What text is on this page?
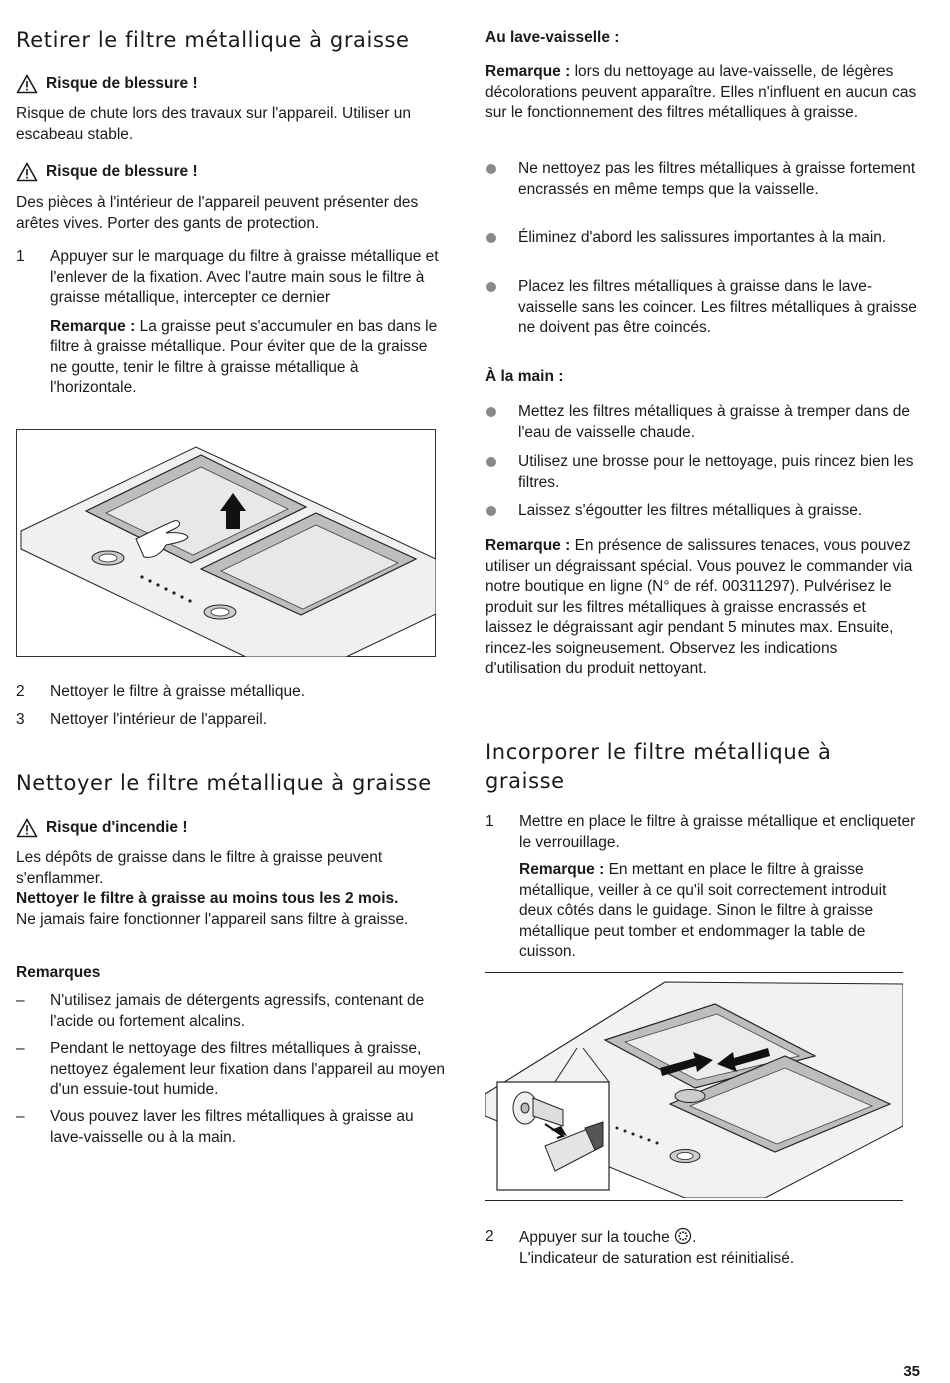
Retirer le filtre métallique à graisse
Risque de blessure !
Risque de chute lors des travaux sur l'appareil. Utiliser un escabeau stable.
Risque de blessure !
Des pièces à l'intérieur de l'appareil peuvent présenter des arêtes vives. Porter des gants de protection.
1	Appuyer sur le marquage du filtre à graisse métallique et l'enlever de la fixation. Avec l'autre main sous le filtre à graisse métallique, intercepter ce dernier
Remarque : La graisse peut s'accumuler en bas dans le filtre à graisse métallique. Pour éviter que de la graisse ne goutte, tenir le filtre à graisse métallique à l'horizontale.
2	Nettoyer le filtre à graisse métallique.
3	Nettoyer l'intérieur de l'appareil.
Nettoyer le filtre métallique à graisse
Risque d'incendie !
Les dépôts de graisse dans le filtre à graisse peuvent s'enflammer.
Nettoyer le filtre à graisse au moins tous les 2 mois.
Ne jamais faire fonctionner l'appareil sans filtre à graisse.
Remarques
–	N'utilisez jamais de détergents agressifs, contenant de l'acide ou fortement alcalins.
–	Pendant le nettoyage des filtres métalliques à graisse, nettoyez également leur fixation dans l'appareil au moyen d'un essuie-tout humide.
–	Vous pouvez laver les filtres métalliques à graisse au lave-vaisselle ou à la main.
Au lave-vaisselle :
Remarque : lors du nettoyage au lave-vaisselle, de légères décolorations peuvent apparaître. Elles n'influent en aucun cas sur le fonctionnement des filtres métalliques à graisse.
Ne nettoyez pas les filtres métalliques à graisse fortement encrassés en même temps que la vaisselle.
Éliminez d'abord les salissures importantes à la main.
Placez les filtres métalliques à graisse dans le lave-vaisselle sans les coincer. Les filtres métalliques à graisse ne doivent pas être coincés.
À la main :
Mettez les filtres métalliques à graisse à tremper dans de l'eau de vaisselle chaude.
Utilisez une brosse pour le nettoyage, puis rincez bien les filtres.
Laissez s'égoutter les filtres métalliques à graisse.
Remarque : En présence de salissures tenaces, vous pouvez utiliser un dégraissant spécial. Vous pouvez le commander via notre boutique en ligne (N° de réf. 00311297). Pulvérisez le produit sur les filtres métalliques à graisse encrassés et laissez le dégraissant agir pendant 5 minutes max. Ensuite, rincez-les soigneusement. Observez les indications d'utilisation du produit nettoyant.
Incorporer le filtre métallique à graisse
1	Mettre en place le filtre à graisse métallique et encliqueter le verrouillage.
Remarque : En mettant en place le filtre à graisse métallique, veiller à ce qu'il soit correctement introduit deux côtés dans le guidage. Sinon le filtre à graisse métallique peut tomber et endommager la table de cuisson.
2	Appuyer sur la touche .
L'indicateur de saturation est réinitialisé.
35
